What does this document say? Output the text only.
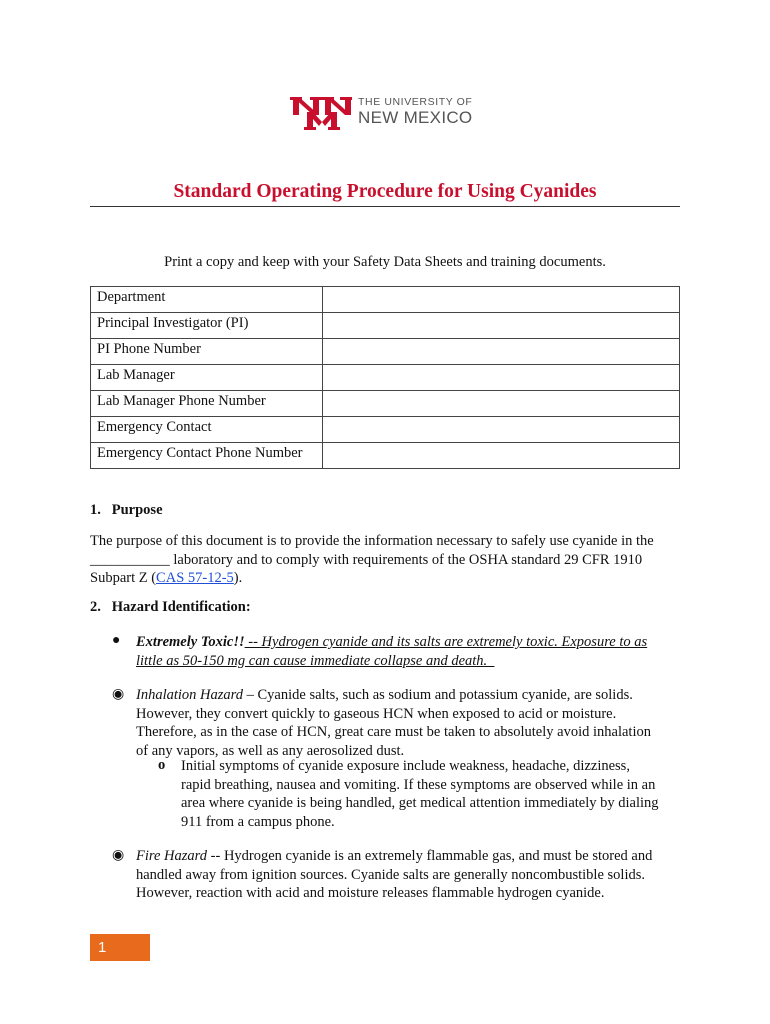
THE UNIVERSITY OF
NEW MEXICO
Standard Operating Procedure for Using Cyanides
Print a copy and keep with your Safety Data Sheets and training documents.
Department	
Principal Investigator (PI)	
PI Phone Number	
Lab Manager	
Lab Manager Phone Number	
Emergency Contact	
Emergency Contact Phone Number	
1.   Purpose
The purpose of this document is to provide the information necessary to safely use cyanide in the
___________ laboratory and to comply with requirements of the OSHA standard 29 CFR 1910
Subpart Z (CAS 57-12-5).
2.   Hazard Identification:
● Extremely Toxic!! -- Hydrogen cyanide and its salts are extremely toxic. Exposure to as
little as 50-150 mg can cause immediate collapse and death.
◉ Inhalation Hazard – Cyanide salts, such as sodium and potassium cyanide, are solids.
However, they convert quickly to gaseous HCN when exposed to acid or moisture.
Therefore, as in the case of HCN, great care must be taken to absolutely avoid inhalation
of any vapors, as well as any aerosolized dust.
o Initial symptoms of cyanide exposure include weakness, headache, dizziness,
rapid breathing, nausea and vomiting. If these symptoms are observed while in an
area where cyanide is being handled, get medical attention immediately by dialing
911 from a campus phone.
◉ Fire Hazard -- Hydrogen cyanide is an extremely flammable gas, and must be stored and
handled away from ignition sources. Cyanide salts are generally noncombustible solids.
However, reaction with acid and moisture releases flammable hydrogen cyanide.
1
